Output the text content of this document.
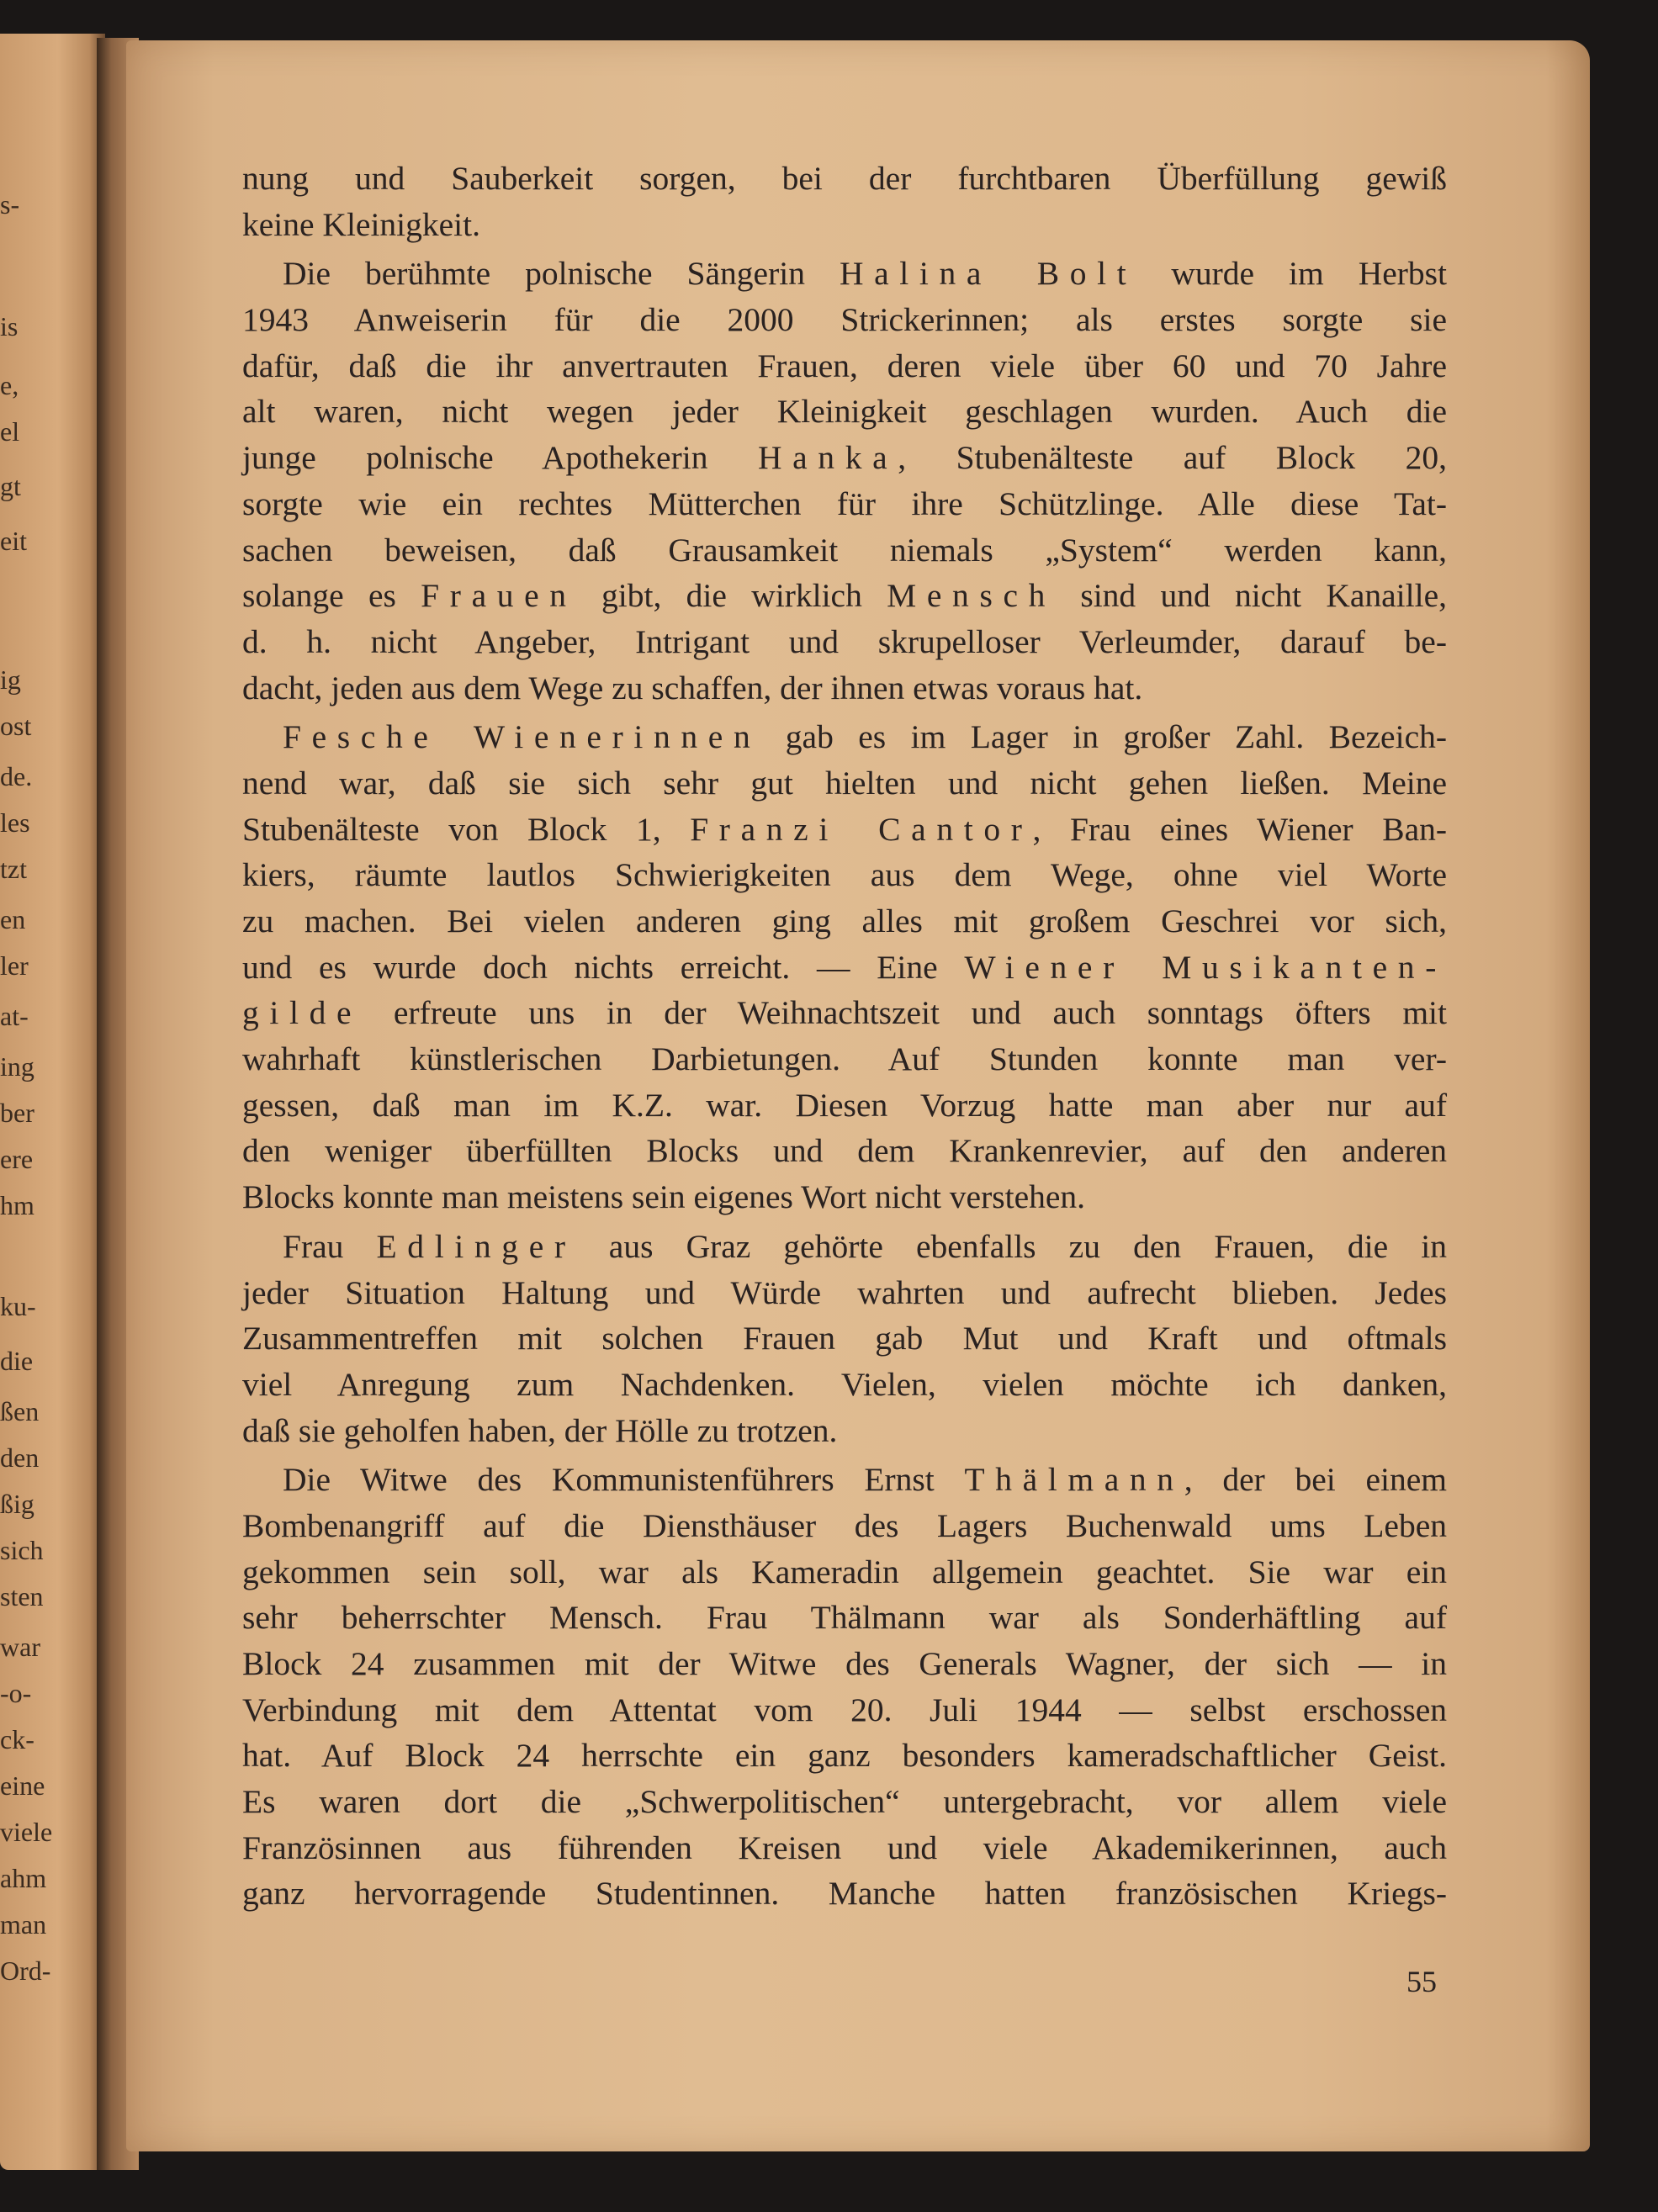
s-
is
e,
el
gt
eit
ig
ost
de.
les
tzt
en
ler
at-
ing
ber
ere
hm
ku-
die
ßen
den
ßig
sich
sten
war
-o-
ck-
eine
viele
ahm
man
Ord-
nung und Sauberkeit sorgen, bei der furchtbaren Überfüllung gewiß
keine Kleinigkeit.
Die berühmte polnische Sängerin Halina Bolt wurde im Herbst
1943 Anweiserin für die 2000 Strickerinnen; als erstes sorgte sie
dafür, daß die ihr anvertrauten Frauen, deren viele über 60 und 70 Jahre
alt waren, nicht wegen jeder Kleinigkeit geschlagen wurden. Auch die
junge polnische Apothekerin Hanka, Stubenälteste auf Block 20,
sorgte wie ein rechtes Mütterchen für ihre Schützlinge. Alle diese Tat-
sachen beweisen, daß Grausamkeit niemals „System“ werden kann,
solange es Frauen gibt, die wirklich Mensch sind und nicht Kanaille,
d. h. nicht Angeber, Intrigant und skrupelloser Verleumder, darauf be-
dacht, jeden aus dem Wege zu schaffen, der ihnen etwas voraus hat.
Fesche Wienerinnen gab es im Lager in großer Zahl. Bezeich-
nend war, daß sie sich sehr gut hielten und nicht gehen ließen. Meine
Stubenälteste von Block 1, Franzi Cantor, Frau eines Wiener Ban-
kiers, räumte lautlos Schwierigkeiten aus dem Wege, ohne viel Worte
zu machen. Bei vielen anderen ging alles mit großem Geschrei vor sich,
und es wurde doch nichts erreicht. — Eine Wiener Musikanten-
gilde erfreute uns in der Weihnachtszeit und auch sonntags öfters mit
wahrhaft künstlerischen Darbietungen. Auf Stunden konnte man ver-
gessen, daß man im K.Z. war. Diesen Vorzug hatte man aber nur auf
den weniger überfüllten Blocks und dem Krankenrevier, auf den anderen
Blocks konnte man meistens sein eigenes Wort nicht verstehen.
Frau Edlinger aus Graz gehörte ebenfalls zu den Frauen, die in
jeder Situation Haltung und Würde wahrten und aufrecht blieben. Jedes
Zusammentreffen mit solchen Frauen gab Mut und Kraft und oftmals
viel Anregung zum Nachdenken. Vielen, vielen möchte ich danken,
daß sie geholfen haben, der Hölle zu trotzen.
Die Witwe des Kommunistenführers Ernst Thälmann, der bei einem
Bombenangriff auf die Diensthäuser des Lagers Buchenwald ums Leben
gekommen sein soll, war als Kameradin allgemein geachtet. Sie war ein
sehr beherrschter Mensch. Frau Thälmann war als Sonderhäftling auf
Block 24 zusammen mit der Witwe des Generals Wagner, der sich — in
Verbindung mit dem Attentat vom 20. Juli 1944 — selbst erschossen
hat. Auf Block 24 herrschte ein ganz besonders kameradschaftlicher Geist.
Es waren dort die „Schwerpolitischen“ untergebracht, vor allem viele
Französinnen aus führenden Kreisen und viele Akademikerinnen, auch
ganz hervorragende Studentinnen. Manche hatten französischen Kriegs-
55
